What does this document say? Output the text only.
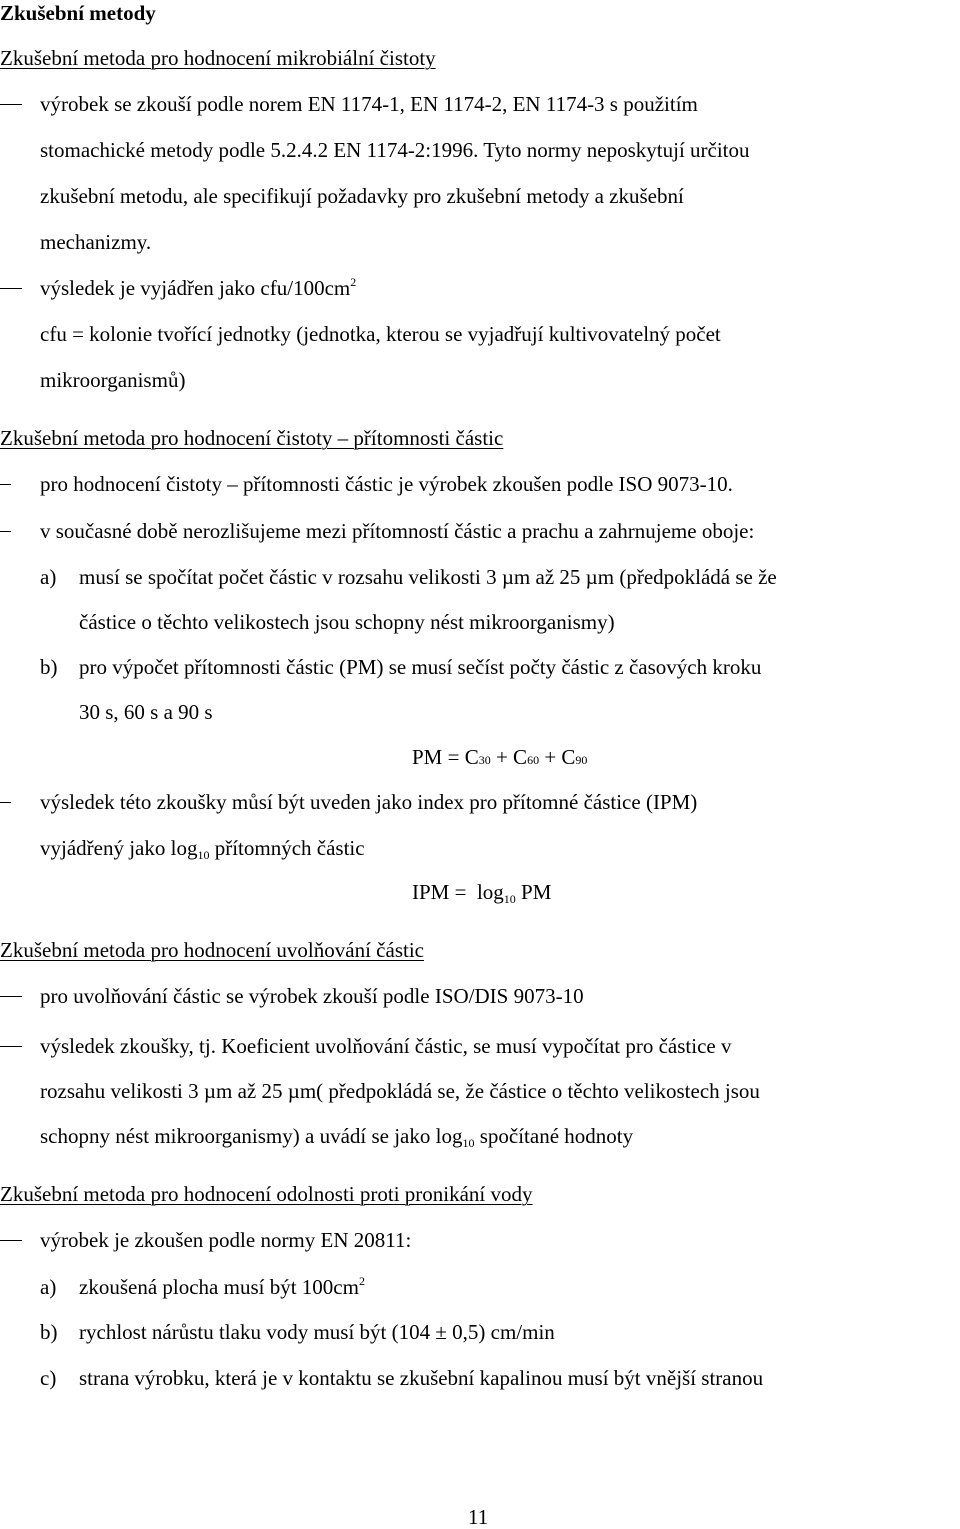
Zkušební metody
Zkušební metoda pro hodnocení mikrobiální čistoty
výrobek se zkouší podle norem EN 1174-1, EN 1174-2, EN 1174-3 s použitím
stomachické metody podle 5.2.4.2 EN 1174-2:1996. Tyto normy neposkytují určitou
zkušební metodu, ale specifikují požadavky pro zkušební metody a zkušební
mechanizmy.
výsledek je vyjádřen jako cfu/$100cm^2$
cfu = kolonie tvořící jednotky (jednotka, kterou se vyjadřují kultivovatelný počet
mikroorganismů)
Zkušební metoda pro hodnocení čistoty – přítomnosti částic
pro hodnocení čistoty – přítomnosti částic je výrobek zkoušen podle ISO 9073-10.
v současné době nerozlišujeme mezi přítomností částic a prachu a zahrnujeme oboje:
a) musí se spočítat počet částic v rozsahu velikosti 3 µm až 25 µm (předpokládá se že
částice o těchto velikostech jsou schopny nést mikroorganismy)
b) pro výpočet přítomnosti částic (PM) se musí sečíst počty částic z časových kroku
30 s, 60 s a 90 s
PM = C30 + C60 + C90
výsledek této zkoušky můsí být uveden jako index pro přítomné částice (IPM)
vyjádřený jako $\log_{10}$ přítomných částic
IPM =  $\log_{10}$ PM
Zkušební metoda pro hodnocení uvolňování částic
pro uvolňování částic se výrobek zkouší podle ISO/DIS 9073-10
výsledek zkoušky, tj. Koeficient uvolňování částic, se musí vypočítat pro částice v
rozsahu velikosti 3 µm až 25 µm( předpokládá se, že částice o těchto velikostech jsou
schopny nést mikroorganismy) a uvádí se jako $\log_{10}$ spočítané hodnoty
Zkušební metoda pro hodnocení odolnosti proti pronikání vody
výrobek je zkoušen podle normy EN 20811:
a) zkoušená plocha musí být $100cm^2$
b) rychlost nárůstu tlaku vody musí být (104 ± 0,5) cm/min
c) strana výrobku, která je v kontaktu se zkušební kapalinou musí být vnější stranou
11
